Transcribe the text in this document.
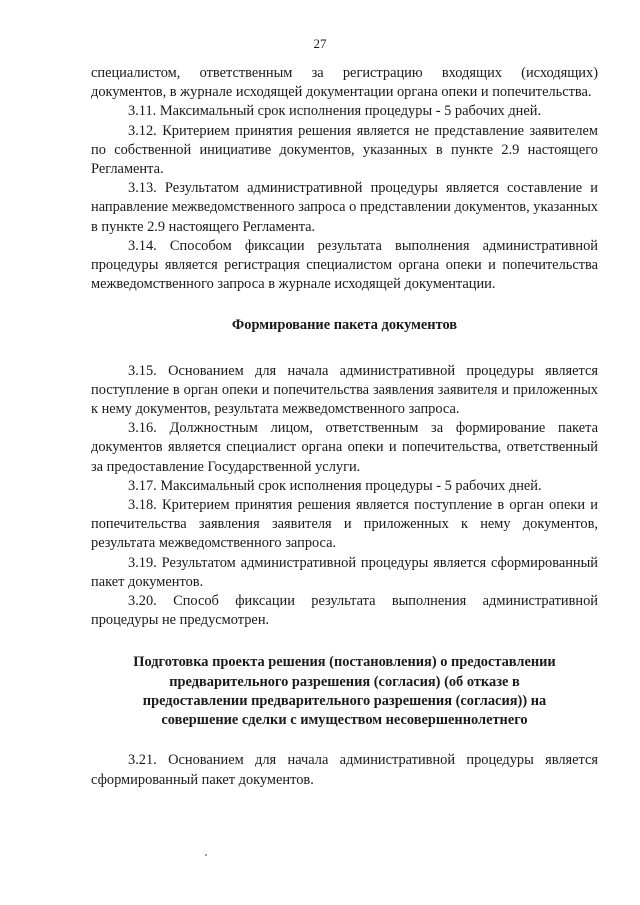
27

специалистом, ответственным за регистрацию входящих (исходящих) документов, в журнале исходящей документации органа опеки и попечительства.

3.11. Максимальный срок исполнения процедуры - 5 рабочих дней.

3.12. Критерием принятия решения является не представление заявителем по собственной инициативе документов, указанных в пункте 2.9 настоящего Регламента.

3.13. Результатом административной процедуры является составление и направление межведомственного запроса о представлении документов, указанных в пункте 2.9 настоящего Регламента.

3.14. Способом фиксации результата выполнения административной процедуры является регистрация специалистом органа опеки и попечительства межведомственного запроса в журнале исходящей документации.

Формирование пакета документов

3.15. Основанием для начала административной процедуры является поступление в орган опеки и попечительства заявления заявителя и приложенных к нему документов, результата межведомственного запроса.

3.16. Должностным лицом, ответственным за формирование пакета документов является специалист органа опеки и попечительства, ответственный за предоставление Государственной услуги.

3.17. Максимальный срок исполнения процедуры - 5 рабочих дней.

3.18. Критерием принятия решения является поступление в орган опеки и попечительства заявления заявителя и приложенных к нему документов, результата межведомственного запроса.

3.19. Результатом административной процедуры является сформированный пакет документов.

3.20. Способ фиксации результата выполнения административной процедуры не предусмотрен.

Подготовка проекта решения (постановления) о предоставлении предварительного разрешения (согласия) (об отказе в предоставлении предварительного разрешения (согласия)) на совершение сделки с имуществом несовершеннолетнего

3.21. Основанием для начала административной процедуры является сформированный пакет документов.
